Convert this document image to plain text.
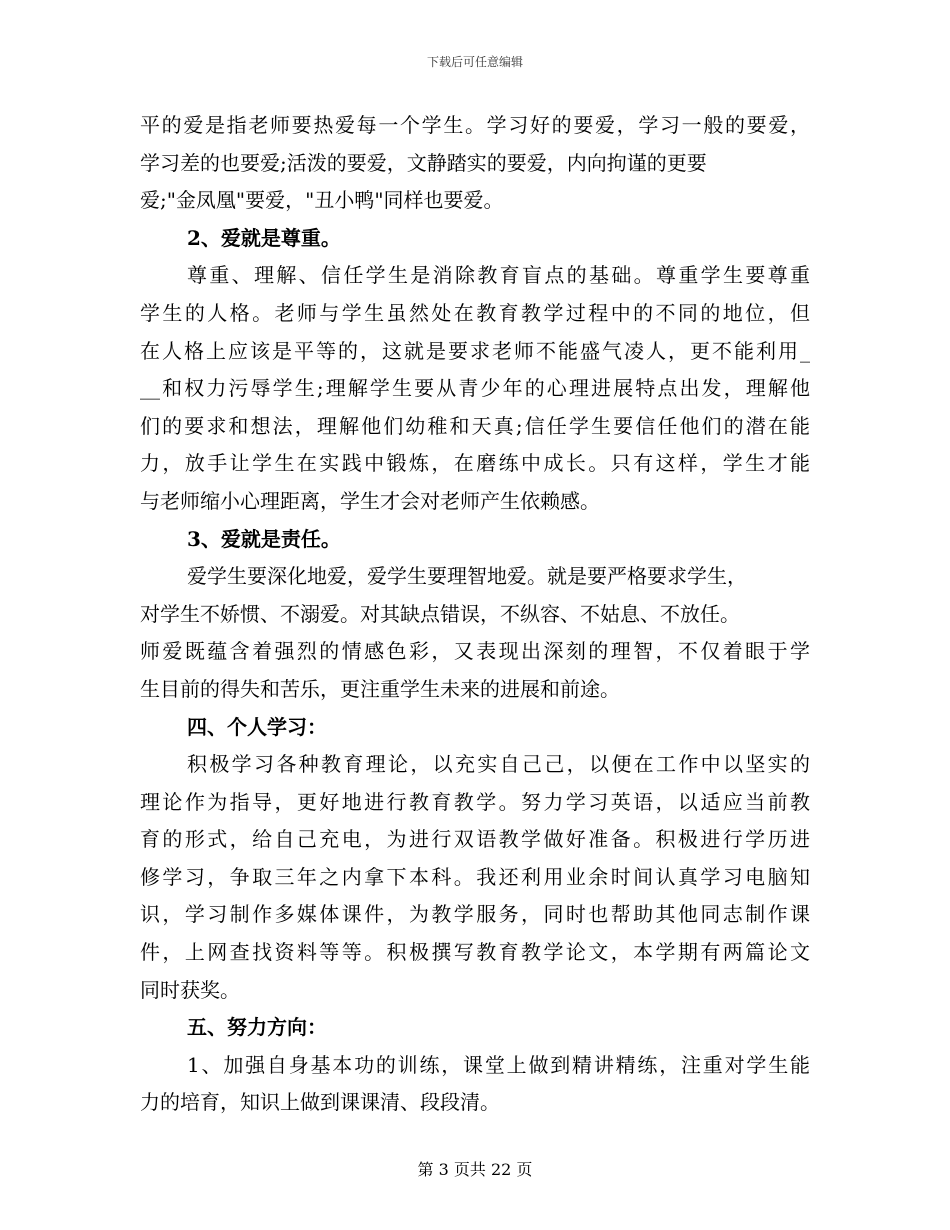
下载后可任意编辑
平的爱是指老师要热爱每一个学生。学习好的要爱，学习一般的要爱，
学习差的也要爱;活泼的要爱，文静踏实的要爱，内向拘谨的更要
爱;"金凤凰"要爱，"丑小鸭"同样也要爱。
2、爱就是尊重。
尊重、理解、信任学生是消除教育盲点的基础。尊重学生要尊重
学生的人格。老师与学生虽然处在教育教学过程中的不同的地位，但
在人格上应该是平等的，这就是要求老师不能盛气凌人，更不能利用_
__和权力污辱学生;理解学生要从青少年的心理进展特点出发，理解他
们的要求和想法，理解他们幼稚和天真;信任学生要信任他们的潜在能
力，放手让学生在实践中锻炼，在磨练中成长。只有这样，学生才能
与老师缩小心理距离，学生才会对老师产生依赖感。
3、爱就是责任。
爱学生要深化地爱，爱学生要理智地爱。就是要严格要求学生，
对学生不娇惯、不溺爱。对其缺点错误，不纵容、不姑息、不放任。
师爱既蕴含着强烈的情感色彩，又表现出深刻的理智，不仅着眼于学
生目前的得失和苦乐，更注重学生未来的进展和前途。
四、个人学习：
积极学习各种教育理论，以充实自己己，以便在工作中以坚实的
理论作为指导，更好地进行教育教学。努力学习英语，以适应当前教
育的形式，给自己充电，为进行双语教学做好准备。积极进行学历进
修学习，争取三年之内拿下本科。我还利用业余时间认真学习电脑知
识，学习制作多媒体课件，为教学服务，同时也帮助其他同志制作课
件，上网查找资料等等。积极撰写教育教学论文，本学期有两篇论文
同时获奖。
五、努力方向：
1、加强自身基本功的训练，课堂上做到精讲精练，注重对学生能
力的培育，知识上做到课课清、段段清。
第 3 页共 22 页
